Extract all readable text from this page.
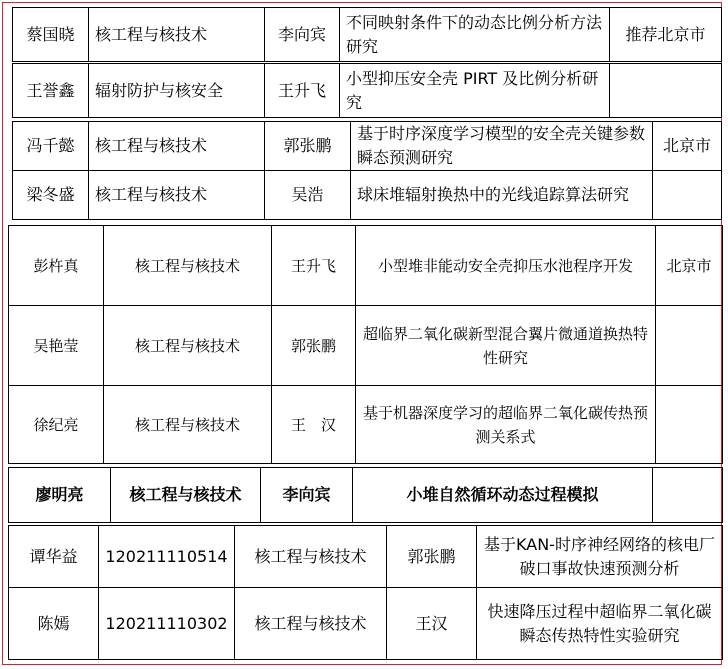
蔡国晓	核工程与核技术	李向宾	不同映射条件下的动态比例分析方法研究	推荐北京市
王誉鑫	辐射防护与核安全	王升飞	小型抑压安全壳 PIRT 及比例分析研究	
冯千懿	核工程与核技术	郭张鹏	基于时序深度学习模型的安全壳关键参数瞬态预测研究	北京市
梁冬盛	核工程与核技术	吴浩	球床堆辐射换热中的光线追踪算法研究	
彭杵真	核工程与核技术	王升飞	小型堆非能动安全壳抑压水池程序开发	北京市
吴艳莹	核工程与核技术	郭张鹏	超临界二氧化碳新型混合翼片微通道换热特性研究	
徐纪亮	核工程与核技术	王　汉	基于机器深度学习的超临界二氧化碳传热预测关系式	
廖明亮	核工程与核技术	李向宾	小堆自然循环动态过程模拟	
谭华益	120211110514	核工程与核技术	郭张鹏	基于KAN-时序神经网络的核电厂破口事故快速预测分析
陈嫣	120211110302	核工程与核技术	王汉	快速降压过程中超临界二氧化碳瞬态传热特性实验研究
